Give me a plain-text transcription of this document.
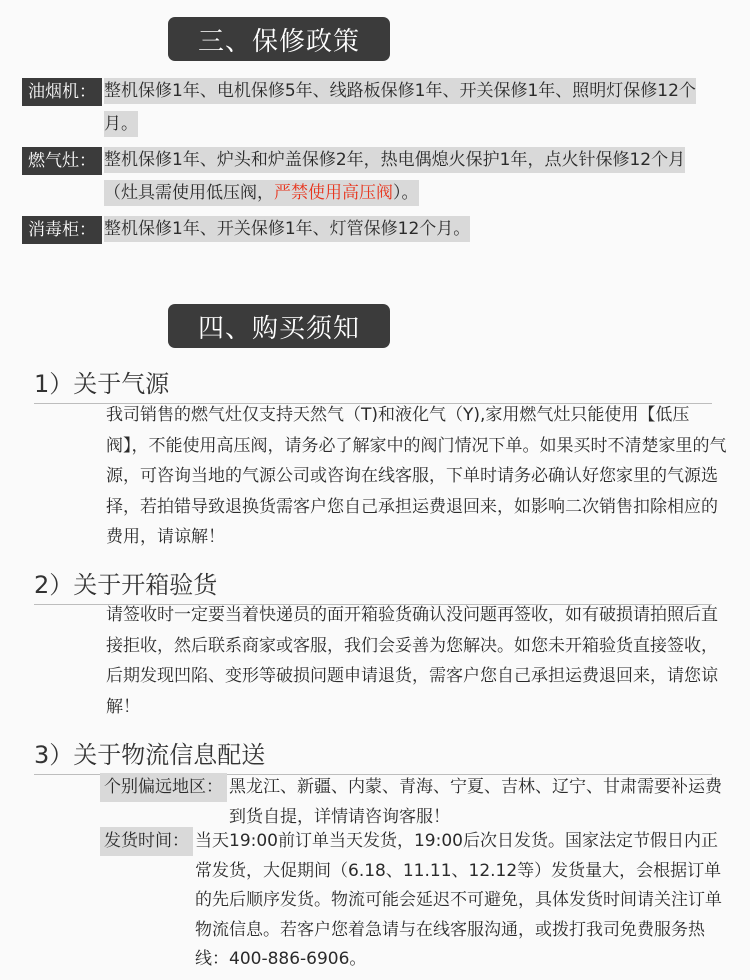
三、保修政策
油烟机： 整机保修1年、电机保修5年、线路板保修1年、开关保修1年、照明灯保修12个月。
燃气灶： 整机保修1年、炉头和炉盖保修2年，热电偶熄火保护1年，点火针保修12个月（灶具需使用低压阀，严禁使用高压阀）。
消毒柜： 整机保修1年、开关保修1年、灯管保修12个月。
四、购买须知
1）关于气源
我司销售的燃气灶仅支持天然气（T)和液化气（Y),家用燃气灶只能使用【低压阀】，不能使用高压阀，请务必了解家中的阀门情况下单。如果买时不清楚家里的气源，可咨询当地的气源公司或咨询在线客服，下单时请务必确认好您家里的气源选择，若拍错导致退换货需客户您自己承担运费退回来，如影响二次销售扣除相应的费用，请谅解！
2）关于开箱验货
请签收时一定要当着快递员的面开箱验货确认没问题再签收，如有破损请拍照后直接拒收，然后联系商家或客服，我们会妥善为您解决。如您未开箱验货直接签收，后期发现凹陷、变形等破损问题申请退货，需客户您自己承担运费退回来，请您谅解！
3）关于物流信息配送
个别偏远地区： 黑龙江、新疆、内蒙、青海、宁夏、吉林、辽宁、甘肃需要补运费到货自提，详情请咨询客服！
发货时间： 当天19:00前订单当天发货，19:00后次日发货。国家法定节假日内正常发货，大促期间（6.18、11.11、12.12等）发货量大，会根据订单的先后顺序发货。物流可能会延迟不可避免，具体发货时间请关注订单物流信息。若客户您着急请与在线客服沟通，或拨打我司免费服务热线：400-886-6906。
